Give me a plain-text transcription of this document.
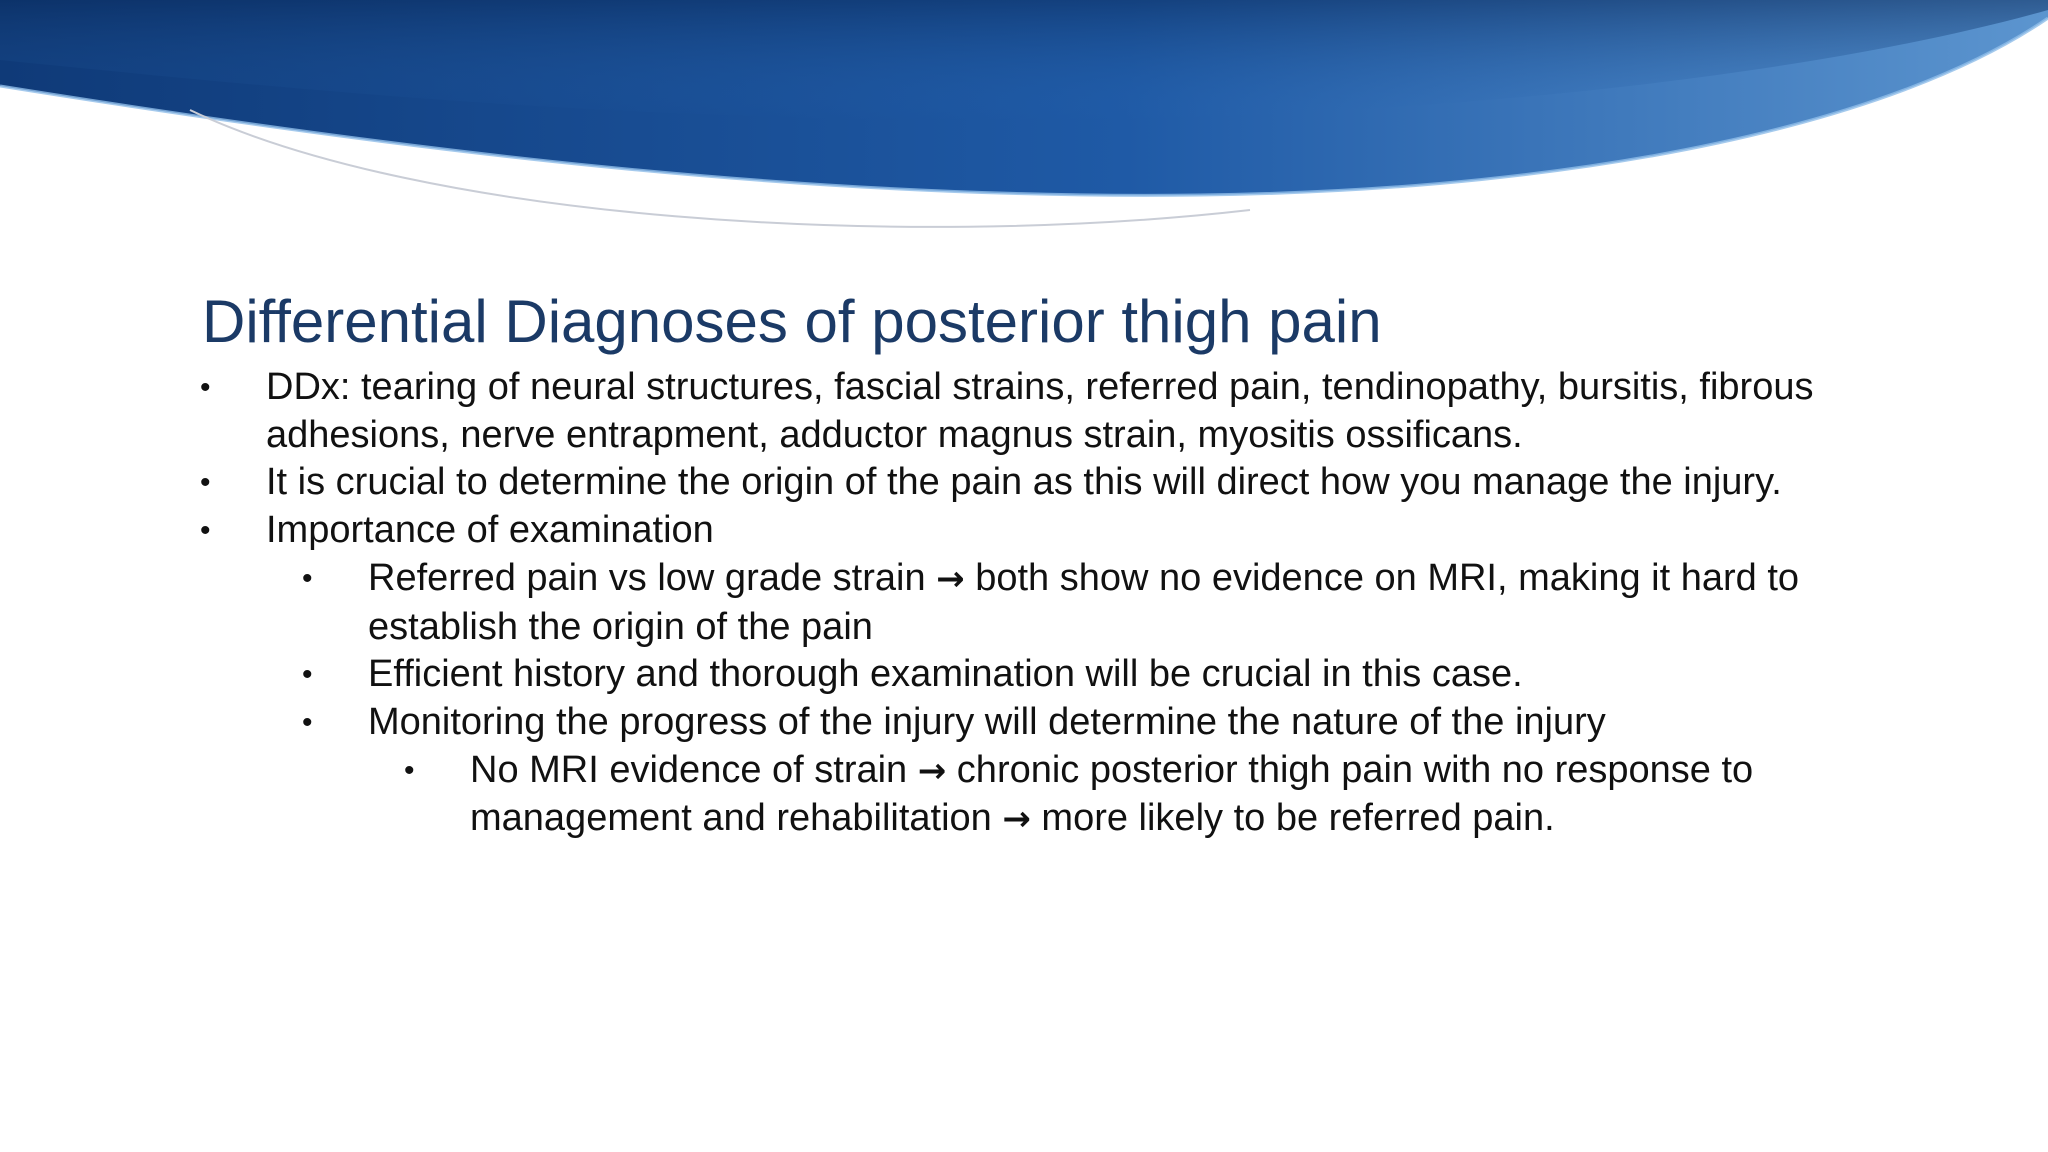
Differential Diagnoses of posterior thigh pain
• DDx: tearing of neural structures, fascial strains, referred pain, tendinopathy, bursitis, fibrous adhesions, nerve entrapment, adductor magnus strain, myositis ossificans.
• It is crucial to determine the origin of the pain as this will direct how you manage the injury.
• Importance of examination
• Referred pain vs low grade strain → both show no evidence on MRI, making it hard to establish the origin of the pain
• Efficient history and thorough examination will be crucial in this case.
• Monitoring the progress of the injury will determine the nature of the injury
• No MRI evidence of strain → chronic posterior thigh pain with no response to management and rehabilitation → more likely to be referred pain.
